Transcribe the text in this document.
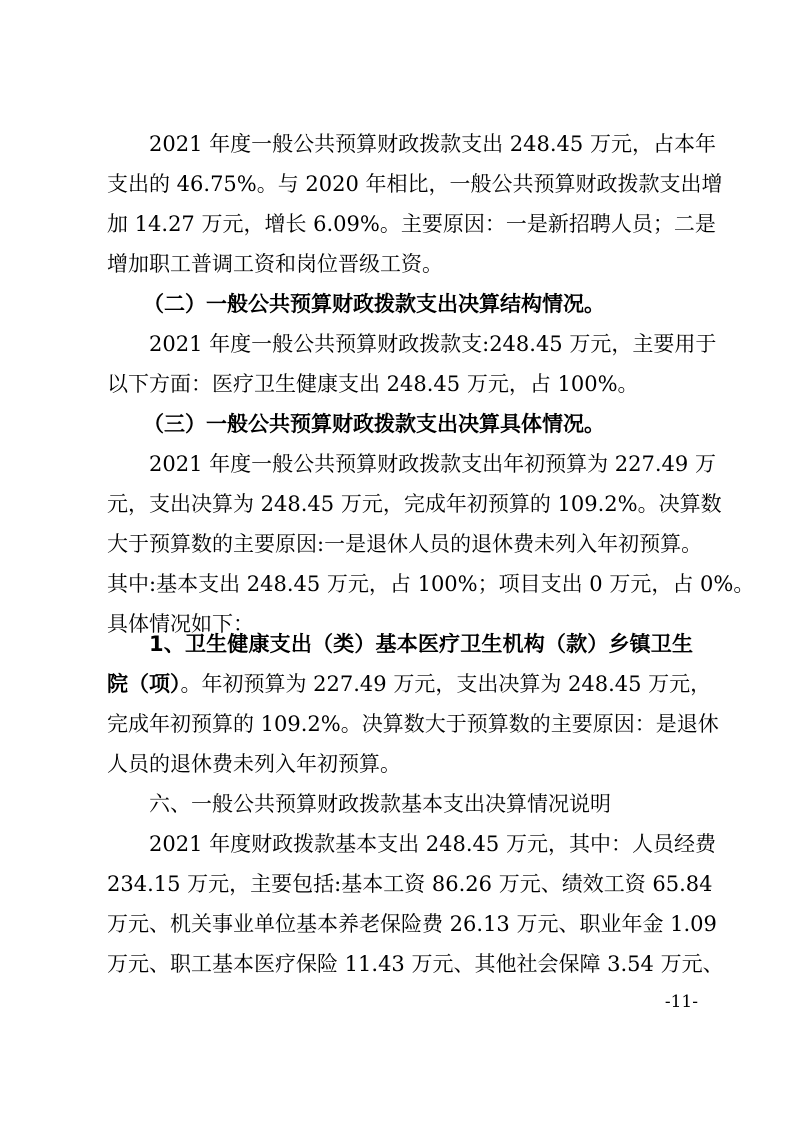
2021 年度一般公共预算财政拨款支出 248.45 万元，占本年
支出的 46.75%。与 2020 年相比，一般公共预算财政拨款支出增
加 14.27 万元，增长 6.09%。主要原因：一是新招聘人员；二是
增加职工普调工资和岗位晋级工资。
（二）一般公共预算财政拨款支出决算结构情况。
2021 年度一般公共预算财政拨款支:248.45 万元，主要用于
以下方面：医疗卫生健康支出 248.45 万元，占 100%。
（三）一般公共预算财政拨款支出决算具体情况。
2021 年度一般公共预算财政拨款支出年初预算为 227.49 万
元，支出决算为 248.45 万元，完成年初预算的 109.2%。决算数
大于预算数的主要原因:一是退休人员的退休费未列入年初预算。
其中:基本支出 248.45 万元，占 100%；项目支出 0 万元，占 0%。
具体情况如下：
1、卫生健康支出（类）基本医疗卫生机构（款）乡镇卫生
院（项）。年初预算为 227.49 万元，支出决算为 248.45 万元，
完成年初预算的 109.2%。决算数大于预算数的主要原因：是退休
人员的退休费未列入年初预算。
六、一般公共预算财政拨款基本支出决算情况说明
2021 年度财政拨款基本支出 248.45 万元，其中：人员经费
234.15 万元，主要包括:基本工资 86.26 万元、绩效工资 65.84
万元、机关事业单位基本养老保险费 26.13 万元、职业年金 1.09
万元、职工基本医疗保险 11.43 万元、其他社会保障 3.54 万元、
-11-
